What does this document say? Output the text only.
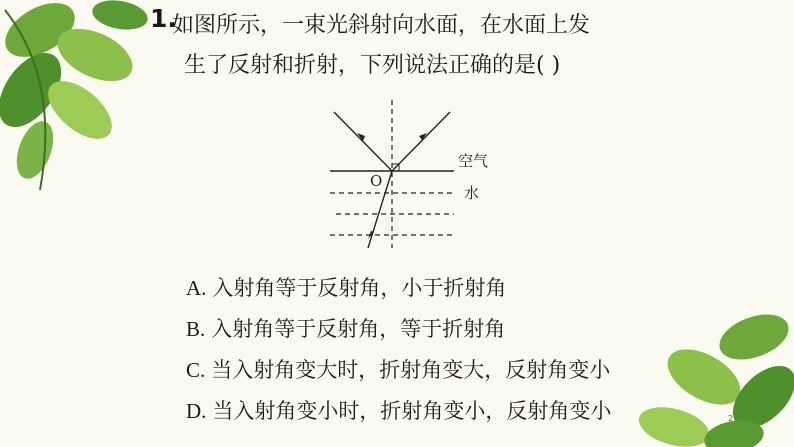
1.
如图所示，一束光斜射向水面，在水面上发
生了反射和折射，下列说法正确的是( )
O
空气
水
A. 入射角等于反射角，小于折射角
B. 入射角等于反射角，等于折射角
C. 当入射角变大时，折射角变大，反射角变小
D. 当入射角变小时，折射角变小，反射角变小	2
